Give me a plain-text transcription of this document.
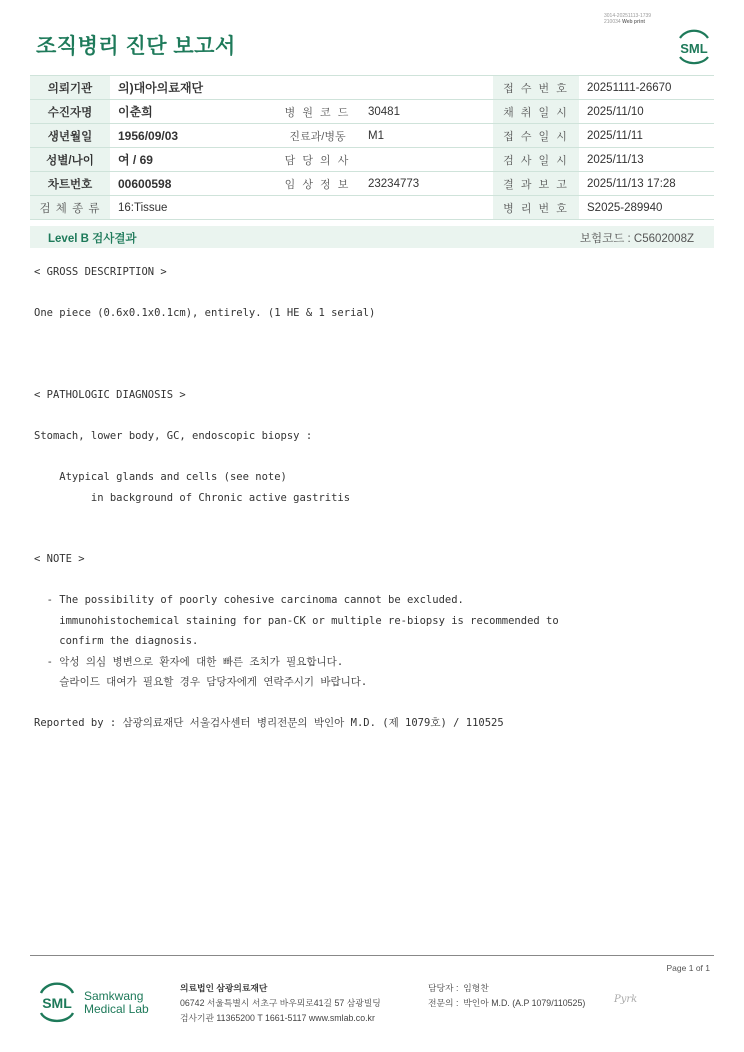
조직병리 진단 보고서
3014-20251113-1739
210034 Web print
SML
의뢰기관	의)대아의료재단			접 수 번 호	20251111-26670
수진자명	이춘희	병 원 코 드	30481	채 취 일 시	2025/11/10
생년월일	1956/09/03	진료과/병동	M1	접 수 일 시	2025/11/11
성별/나이	여 / 69	담 당 의 사		검 사 일 시	2025/11/13
차트번호	00600598	임 상 정 보	23234773	결 과 보 고	2025/11/13 17:28
검 체 종 류	16:Tissue			병 리 번 호	S2025-289940
Level B 검사결과	보험코드 : C5602008Z
< GROSS DESCRIPTION >

One piece (0.6x0.1x0.1cm), entirely. (1 HE & 1 serial)

< PATHOLOGIC DIAGNOSIS >

Stomach, lower body, GC, endoscopic biopsy :

Atypical glands and cells (see note)
in background of Chronic active gastritis

< NOTE >

- The possibility of poorly cohesive carcinoma cannot be excluded.
immunohistochemical staining for pan-CK or multiple re-biopsy is recommended to
confirm the diagnosis.
- 악성 의심 병변으로 환자에 대한 빠른 조치가 필요합니다.
슬라이드 대여가 필요할 경우 담당자에게 연락주시기 바랍니다.

Reported by : 삼광의료재단 서울검사센터 병리전문의 박인아 M.D. (제 1079호) / 110525
Page 1 of 1
SML Samkwang
Medical Lab
의료법인 삼광의료재단
06742 서울특별시 서초구 바우뫼로41길 57 삼광빌딩
검사기관 11365200 T 1661-5117 www.smlab.co.kr
담당자 : 임형찬
전문의 : 박인아 M.D. (A.P 1079/110525)	Pyrk
